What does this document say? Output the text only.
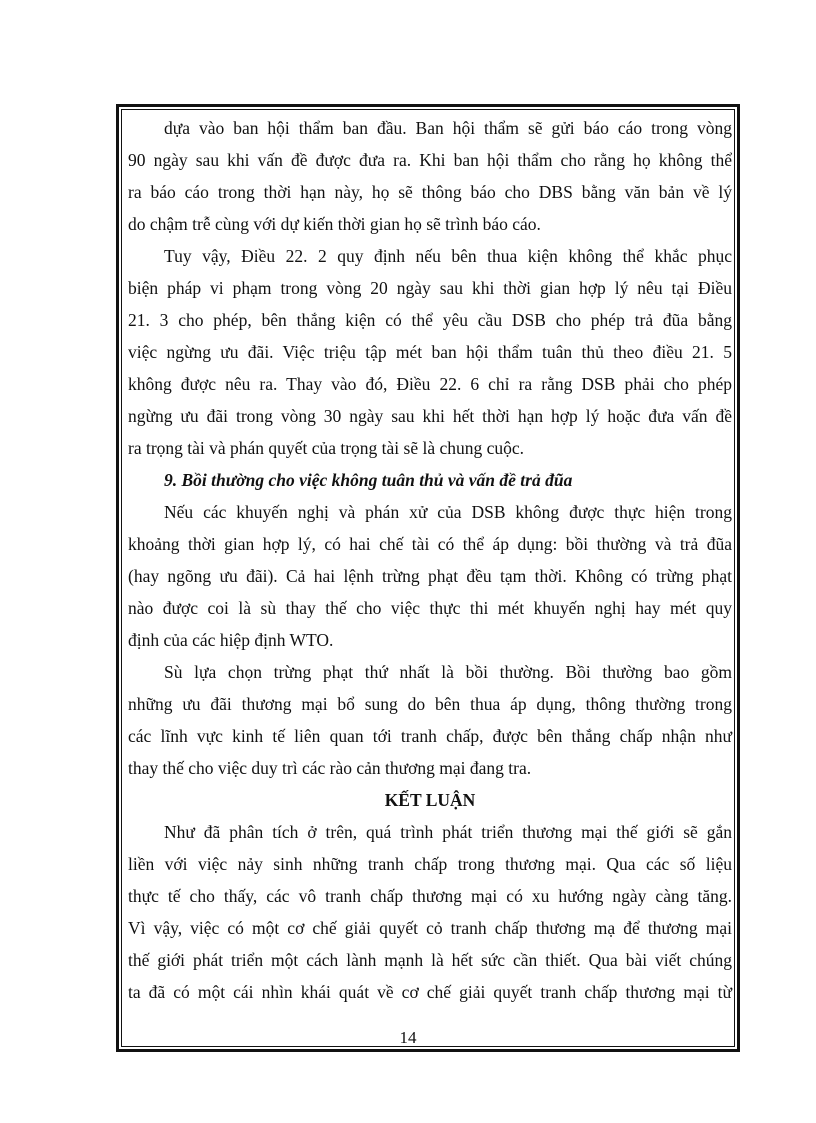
dựa vào ban hội thẩm ban đầu. Ban hội thẩm sẽ gửi báo cáo trong vòng
90 ngày sau khi vấn đề được đưa ra. Khi ban hội thẩm cho rằng họ không thể
ra báo cáo trong thời hạn này, họ sẽ thông báo cho DBS bằng văn bản về lý
do chậm trễ cùng với dự kiến thời gian họ sẽ trình báo cáo.

Tuy vậy, Điều 22. 2 quy định nếu bên thua kiện không thể khắc phục
biện pháp vi phạm trong vòng 20 ngày sau khi thời gian hợp lý nêu tại Điều
21. 3 cho phép, bên thắng kiện có thể yêu cầu DSB cho phép trả đũa bằng
việc ngừng ưu đãi. Việc triệu tập mét ban hội thẩm tuân thủ theo điều 21. 5
không được nêu ra. Thay vào đó, Điều 22. 6 chỉ ra rằng DSB phải cho phép
ngừng ưu đãi trong vòng 30 ngày sau khi hết thời hạn hợp lý hoặc đưa vấn đề
ra trọng tài và phán quyết của trọng tài sẽ là chung cuộc.

9. Bồi thường cho việc không tuân thủ và vấn đề trả đũa

Nếu các khuyến nghị và phán xử của DSB không được thực hiện trong
khoảng thời gian hợp lý, có hai chế tài có thể áp dụng: bồi thường và trả đũa
(hay ngõng ưu đãi). Cả hai lệnh trừng phạt đều tạm thời. Không có trừng phạt
nào được coi là sù thay thế cho việc thực thi mét khuyến nghị hay mét quy
định của các hiệp định WTO.

Sù lựa chọn trừng phạt thứ nhất là bồi thường. Bồi thường bao gồm
những ưu đãi thương mại bổ sung do bên thua áp dụng, thông thường trong
các lĩnh vực kinh tế liên quan tới tranh chấp, được bên thắng chấp nhận như
thay thế cho việc duy trì các rào cản thương mại đang tra.

KẾT LUẬN

Như đã phân tích ở trên, quá trình phát triển thương mại thế giới sẽ gắn
liền với việc nảy sinh những tranh chấp trong thương mại. Qua các số liệu
thực tế cho thấy, các vô tranh chấp thương mại có xu hướng ngày càng tăng.
Vì vậy, việc có một cơ chế giải quyết cỏ tranh chấp thương mạ để thương mại
thế giới phát triển một cách lành mạnh là hết sức cần thiết. Qua bài viết chúng
ta đã có một cái nhìn khái quát về cơ chế giải quyết tranh chấp thương mại từ

14
